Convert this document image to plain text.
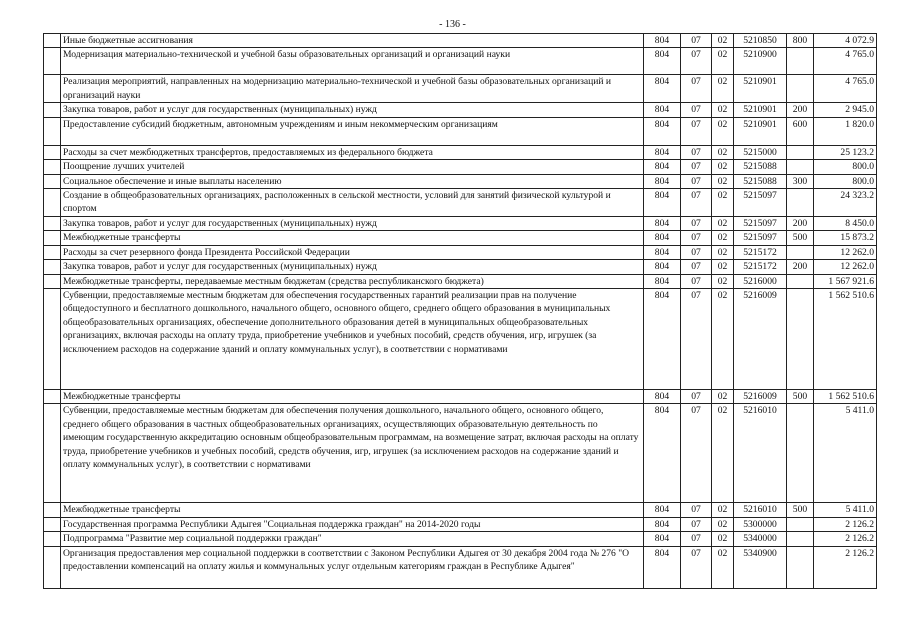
- 136 -
	Иные бюджетные ассигнования	804	07	02	5210850	800	4 072.9
	Модернизация материально-технической и учебной базы образовательных организаций и организаций науки	804	07	02	5210900		4 765.0
	Реализация мероприятий, направленных на модернизацию материально-технической и учебной базы образовательных организаций и организаций науки	804	07	02	5210901		4 765.0
	Закупка товаров, работ и услуг для государственных (муниципальных) нужд	804	07	02	5210901	200	2 945.0
	Предоставление субсидий бюджетным, автономным учреждениям и иным некоммерческим организациям	804	07	02	5210901	600	1 820.0
	Расходы за счет межбюджетных трансфертов, предоставляемых из федерального бюджета	804	07	02	5215000		25 123.2
	Поощрение лучших учителей	804	07	02	5215088		800.0
	Социальное обеспечение и иные выплаты населению	804	07	02	5215088	300	800.0
	Создание в общеобразовательных организациях, расположенных в сельской местности, условий для занятий физической культурой и спортом	804	07	02	5215097		24 323.2
	Закупка товаров, работ и услуг для государственных (муниципальных) нужд	804	07	02	5215097	200	8 450.0
	Межбюджетные трансферты	804	07	02	5215097	500	15 873.2
	Расходы за счет резервного фонда Президента Российской Федерации	804	07	02	5215172		12 262.0
	Закупка товаров, работ и услуг для государственных (муниципальных) нужд	804	07	02	5215172	200	12 262.0
	Межбюджетные трансферты, передаваемые местным бюджетам (средства республиканского бюджета)	804	07	02	5216000		1 567 921.6
	Субвенции, предоставляемые местным бюджетам для обеспечения государственных гарантий реализации прав на получение общедоступного и бесплатного дошкольного, начального общего, основного общего, среднего общего образования в муниципальных общеобразовательных организациях, обеспечение дополнительного образования детей в муниципальных общеобразовательных организациях, включая расходы на оплату труда, приобретение учебников и учебных пособий, средств обучения, игр, игрушек (за исключением расходов на содержание зданий и оплату коммунальных услуг), в соответствии с нормативами	804	07	02	5216009		1 562 510.6
	Межбюджетные трансферты	804	07	02	5216009	500	1 562 510.6
	Субвенции, предоставляемые местным бюджетам для обеспечения получения дошкольного, начального общего, основного общего, среднего общего образования в частных общеобразовательных организациях, осуществляющих образовательную деятельность по имеющим государственную аккредитацию основным общеобразовательным программам, на возмещение затрат, включая расходы на оплату труда, приобретение учебников и учебных пособий, средств обучения, игр, игрушек (за исключением расходов на содержание зданий и оплату коммунальных услуг), в соответствии с нормативами	804	07	02	5216010		5 411.0
	Межбюджетные трансферты	804	07	02	5216010	500	5 411.0
	Государственная программа Республики Адыгея "Социальная поддержка граждан" на 2014-2020 годы	804	07	02	5300000		2 126.2
	Подпрограмма "Развитие мер социальной поддержки граждан"	804	07	02	5340000		2 126.2
	Организация предоставления мер социальной поддержки в соответствии с Законом Республики Адыгея от 30 декабря 2004 года № 276 "О предоставлении компенсаций на оплату жилья и коммунальных услуг отдельным категориям граждан в Республике Адыгея"	804	07	02	5340900		2 126.2
